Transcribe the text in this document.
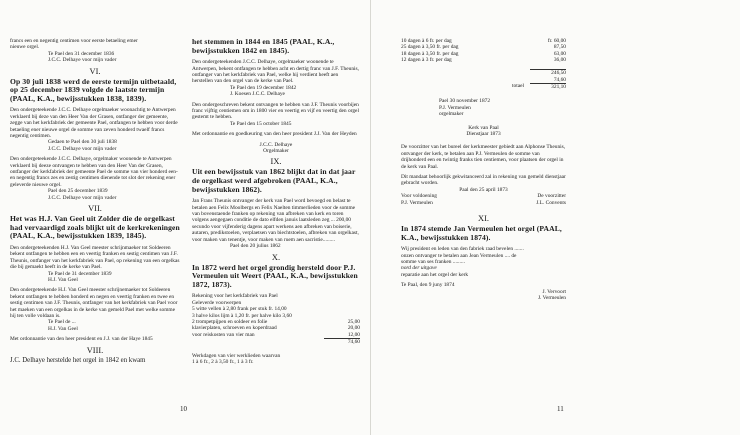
francs een en negentig centimen voor eerste betaeling emer

nieuwe orgel.

Te Pael den 31 december 1836

J.C.C. Delhaye voor mijn vader

VI.
Op 30 juli 1838 werd de eerste termijn uitbetaald, op 25 december 1839 volgde de laatste termijn (PAAL, K.A., bewijsstukken 1838, 1839).

Den ondergeteekende J.C.C. Delhaye orgelmaeker woonachtig te Antwerpen verklaerd bij deze van den Heer Van der Grasen, ontfanger der gemeente, zegge van het kerkfabriek der gemeente Pael, ontfangen te hebben voor derde betaeling ener nieuwe orgel de somme van zeven honderd twaelf francs negentig centimen.

Gedaen te Pael den 30 juli 1838

J.C.C. Delhaye voor mijn vader

Den ondergeteekende J.C.C. Delhaye, orgelmaker woonende te Antwerpen verklaerd bij deeze ontvangen te hebben van den Heer Van der Grasen, ontfanger der kerkfabriek der gemeente Pael de somme van vier honderd een- en negentig francs zes en zestig centimen dienende tot slot der rekening ener geleverde nieuwe orgel.

Pael den 25 december 1839

J.C.C. Delhaye voor mijn vader

VII.
Het was H.J. Van Geel uit Zolder die de orgelkast had vervaardigd zoals blijkt uit de kerkrekeningen (PAAL, K.A., bewijsstukken 1839, 1845).

Den ondergeteekenden H.J. Van Geel meester schrijnmaeker tot Soldeeren bekent ontfangen te hebben een en veertig franken en sestig centimen van J.F. Theunis, ontfanger van het kerkfabriek van Pael, op rekening van een orgelkas die bij gemaekt heeft in de kerke van Pael.

Te Pael de 31 december 1839

H.J. Van Geel

Den ondergeteekende H.J. Van Geel meester schrijnemaeker tot Soldeeren bekent ontfangen te hebben honderd en negen en veertig franken en twee en sestig centimen van J.F. Theunis, ontfanger van het kerkfabriek van Pael voor het maeken van een orgelkas in de kerke van gemeld Pael met welke somme hij ten volle voldaan is.

Te Pael de ...

H.J. Van Geel

Met ordonnantie van den heer president en J.J. van der Haye 1845

VIII.
J.C. Delhaye herstelde het orgel in 1842 en kwam
het stemmen in 1844 en 1845 (PAAL, K.A., bewijsstukken 1842 en 1845).

Den ondergeteekenden J.C.C. Delhaye, orgelmaeker woonende te Antwerpen, bekent ontfangen te hebben acht en dertig franc van J.F. Theunis, ontfanger van het kerkfabriek van Pael, welke hij verdient heeft aen herstellen van den orgel van de kerke van Pael.

Te Pael den 19 december 1842

J. Koesen J.C.C. Delhaye

Den ondergeschreven bekent ontvangen te hebben van J.F. Theunis voorbijen franc vijftig centiemen om in 1800 vier en veertig en vijf en veertig den orgel gestemt te hebben.

Te Pael den 15 october 1845

Met ordonnantie en goedkeuring van den heer president J.J. Van der Heyden

J.C.C. Delhaye

Orgelmaker

IX.
Uit een bewijsstuk van 1862 blijkt dat in dat jaar de orgelkast werd afgebroken (PAAL, K.A., bewijsstukken 1862).

Jan Frans Theunis ontvanger der kerk van Pael word bevoegd en belast te betalen aen Felix Moolbergs en Felix Naelten timmerlieden voor de somme van bovenstaende franken op rekening van afbreken van kerk en toren volgens aengegaen conditie de dato elfden januis laatsleden zeg ... 200,00 secundo voor vijfenderig dagens apart werkens aen afbreken van boiserie, autaren, predikstoelen, verplaetsen van biechtstoelen, afbreken van orgelkast, voor maken van tenentje, voor maken van ruem aen sacristie.........

Pael den 20 julius 1862

X.
In 1872 werd het orgel grondig hersteld door P.J. Vermeulen uit Weert (PAAL, K.A., bewijsstukken 1872, 1873).

Rekening voor het kerkfabriek van Pael

Geleverde voorwerpen

5 witte vellen à 2,80 frank per stuk fr. 14,00	
3 halve kilos lijm à 1,20 fr. per halve kilo 3,60	
2 trompetpijpen en soldeer en folie	25,00
klavierplaten, schroeven en koperdraad	20,00
voor reiskosten van vier man	12,00
	74,60

Werkdagen van vier werklieden waarvan

1 à 6 fr., 2 à 3,50 fr., 1 à 3 fr.

10
10 dagen à 6 fr. per dag	fr. 60,00
25 dagen à 3,50 fr. per dag	87,50
18 dagen à 3,50 fr. per dag	63,00
12 dagen à 3 fr. per dag	36,00

	246,50
	74,60
totael	321,10

Pael 30 november 1872

P.J. Vermeulen

orgelmaker

Kerk van Paal

Dienstjaar 1873

De voorzitter van het bureel der kerkmeester gebiedt aan Alphonse Theunis, ontvanger der kerk, te betalen aan P.J. Vermeulen de somme van drijhonderd een en twintig franks tien centiemen, voor plaatsen der orgel in de kerk van Paal.

Dit mandaat behoorlijk gekwitanceerd zal in rekening van gemeld dienstjaar gebracht worden.

Paal den 25 april 1873

Voor voldoening	De voorzitter
P.J. Vermeulen	J.L. Convents
XI.
In 1874 stemde Jan Vermeulen het orgel (PAAL, K.A., bewijsstukken 1874).

Wij president en leden van den fabriek raad bevelen .......

onzen ontvanger te betalen aan Jean Vermeulen .... de

somme van ses franken .........

nord der uitgave

reparatie aan het orgel der kerk

Te Paal, den 9 juny 1874

J. Vervoort

J. Vermeulen

11
